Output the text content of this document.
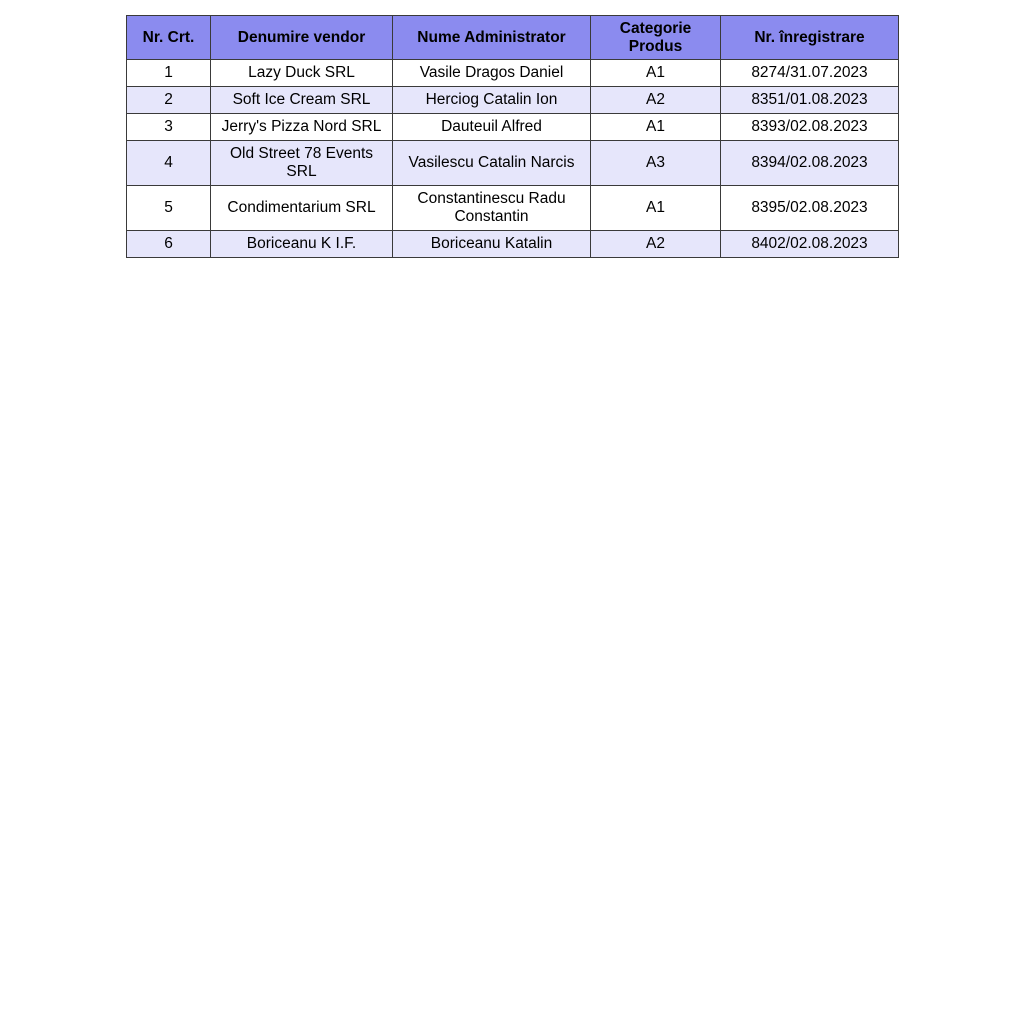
Nr. Crt.	Denumire vendor	Nume Administrator	Categorie Produs	Nr. înregistrare
1	Lazy Duck SRL	Vasile Dragos Daniel	A1	8274/31.07.2023
2	Soft Ice Cream SRL	Herciog Catalin Ion	A2	8351/01.08.2023
3	Jerry's Pizza Nord SRL	Dauteuil Alfred	A1	8393/02.08.2023
4	Old Street 78 Events SRL	Vasilescu Catalin Narcis	A3	8394/02.08.2023
5	Condimentarium SRL	Constantinescu Radu Constantin	A1	8395/02.08.2023
6	Boriceanu K I.F.	Boriceanu Katalin	A2	8402/02.08.2023
